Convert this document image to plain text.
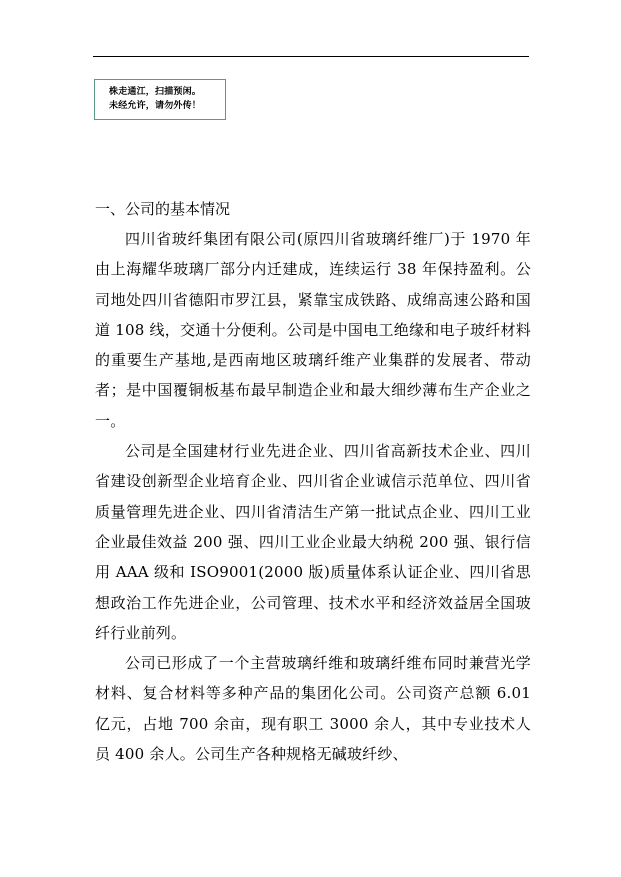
株走通江，扫描预闲。
未经允许，请勿外传！

一、公司的基本情况

四川省玻纤集团有限公司(原四川省玻璃纤维厂)于 1970 年由上海耀华玻璃厂部分内迁建成，连续运行 38 年保持盈利。公司地处四川省德阳市罗江县，紧靠宝成铁路、成绵高速公路和国道 108 线，交通十分便利。公司是中国电工绝缘和电子玻纤材料的重要生产基地,是西南地区玻璃纤维产业集群的发展者、带动者；是中国覆铜板基布最早制造企业和最大细纱薄布生产企业之一。

公司是全国建材行业先进企业、四川省高新技术企业、四川省建设创新型企业培育企业、四川省企业诚信示范单位、四川省质量管理先进企业、四川省清洁生产第一批试点企业、四川工业企业最佳效益 200 强、四川工业企业最大纳税 200 强、银行信用 AAA 级和 ISO9001(2000 版)质量体系认证企业、四川省思想政治工作先进企业，公司管理、技术水平和经济效益居全国玻纤行业前列。

公司已形成了一个主营玻璃纤维和玻璃纤维布同时兼营光学材料、复合材料等多种产品的集团化公司。公司资产总额 6.01 亿元，占地 700 余亩，现有职工 3000 余人，其中专业技术人员 400 余人。公司生产各种规格无碱玻纤纱、
